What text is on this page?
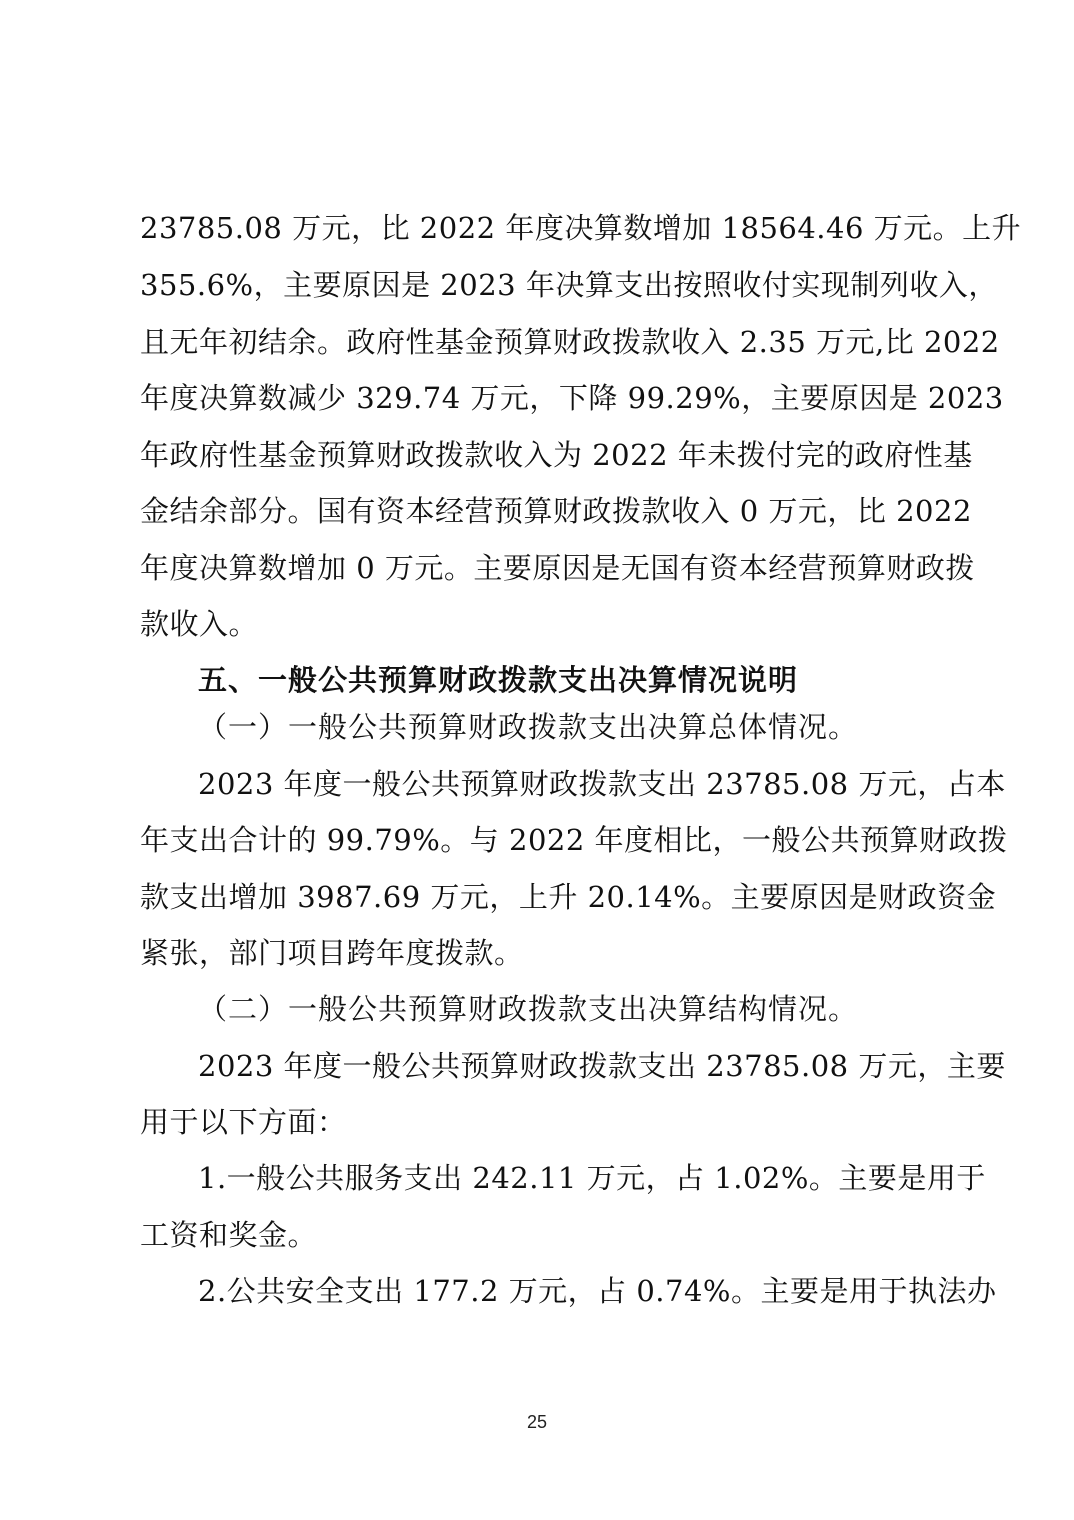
23785.08 万元，比 2022 年度决算数增加 18564.46 万元。上升
355.6%，主要原因是 2023 年决算支出按照收付实现制列收入，
且无年初结余。政府性基金预算财政拨款收入 2.35 万元,比 2022
年度决算数减少 329.74 万元，下降 99.29%，主要原因是 2023
年政府性基金预算财政拨款收入为 2022 年未拨付完的政府性基
金结余部分。国有资本经营预算财政拨款收入 0 万元，比 2022
年度决算数增加 0 万元。主要原因是无国有资本经营预算财政拨
款收入。
五、一般公共预算财政拨款支出决算情况说明
（一）一般公共预算财政拨款支出决算总体情况。
2023 年度一般公共预算财政拨款支出 23785.08 万元，占本
年支出合计的 99.79%。与 2022 年度相比，一般公共预算财政拨
款支出增加 3987.69 万元，上升 20.14%。主要原因是财政资金
紧张，部门项目跨年度拨款。
（二）一般公共预算财政拨款支出决算结构情况。
2023 年度一般公共预算财政拨款支出 23785.08 万元，主要
用于以下方面：
1.一般公共服务支出 242.11 万元，占 1.02%。主要是用于
工资和奖金。
2.公共安全支出 177.2 万元，占 0.74%。主要是用于执法办
25
